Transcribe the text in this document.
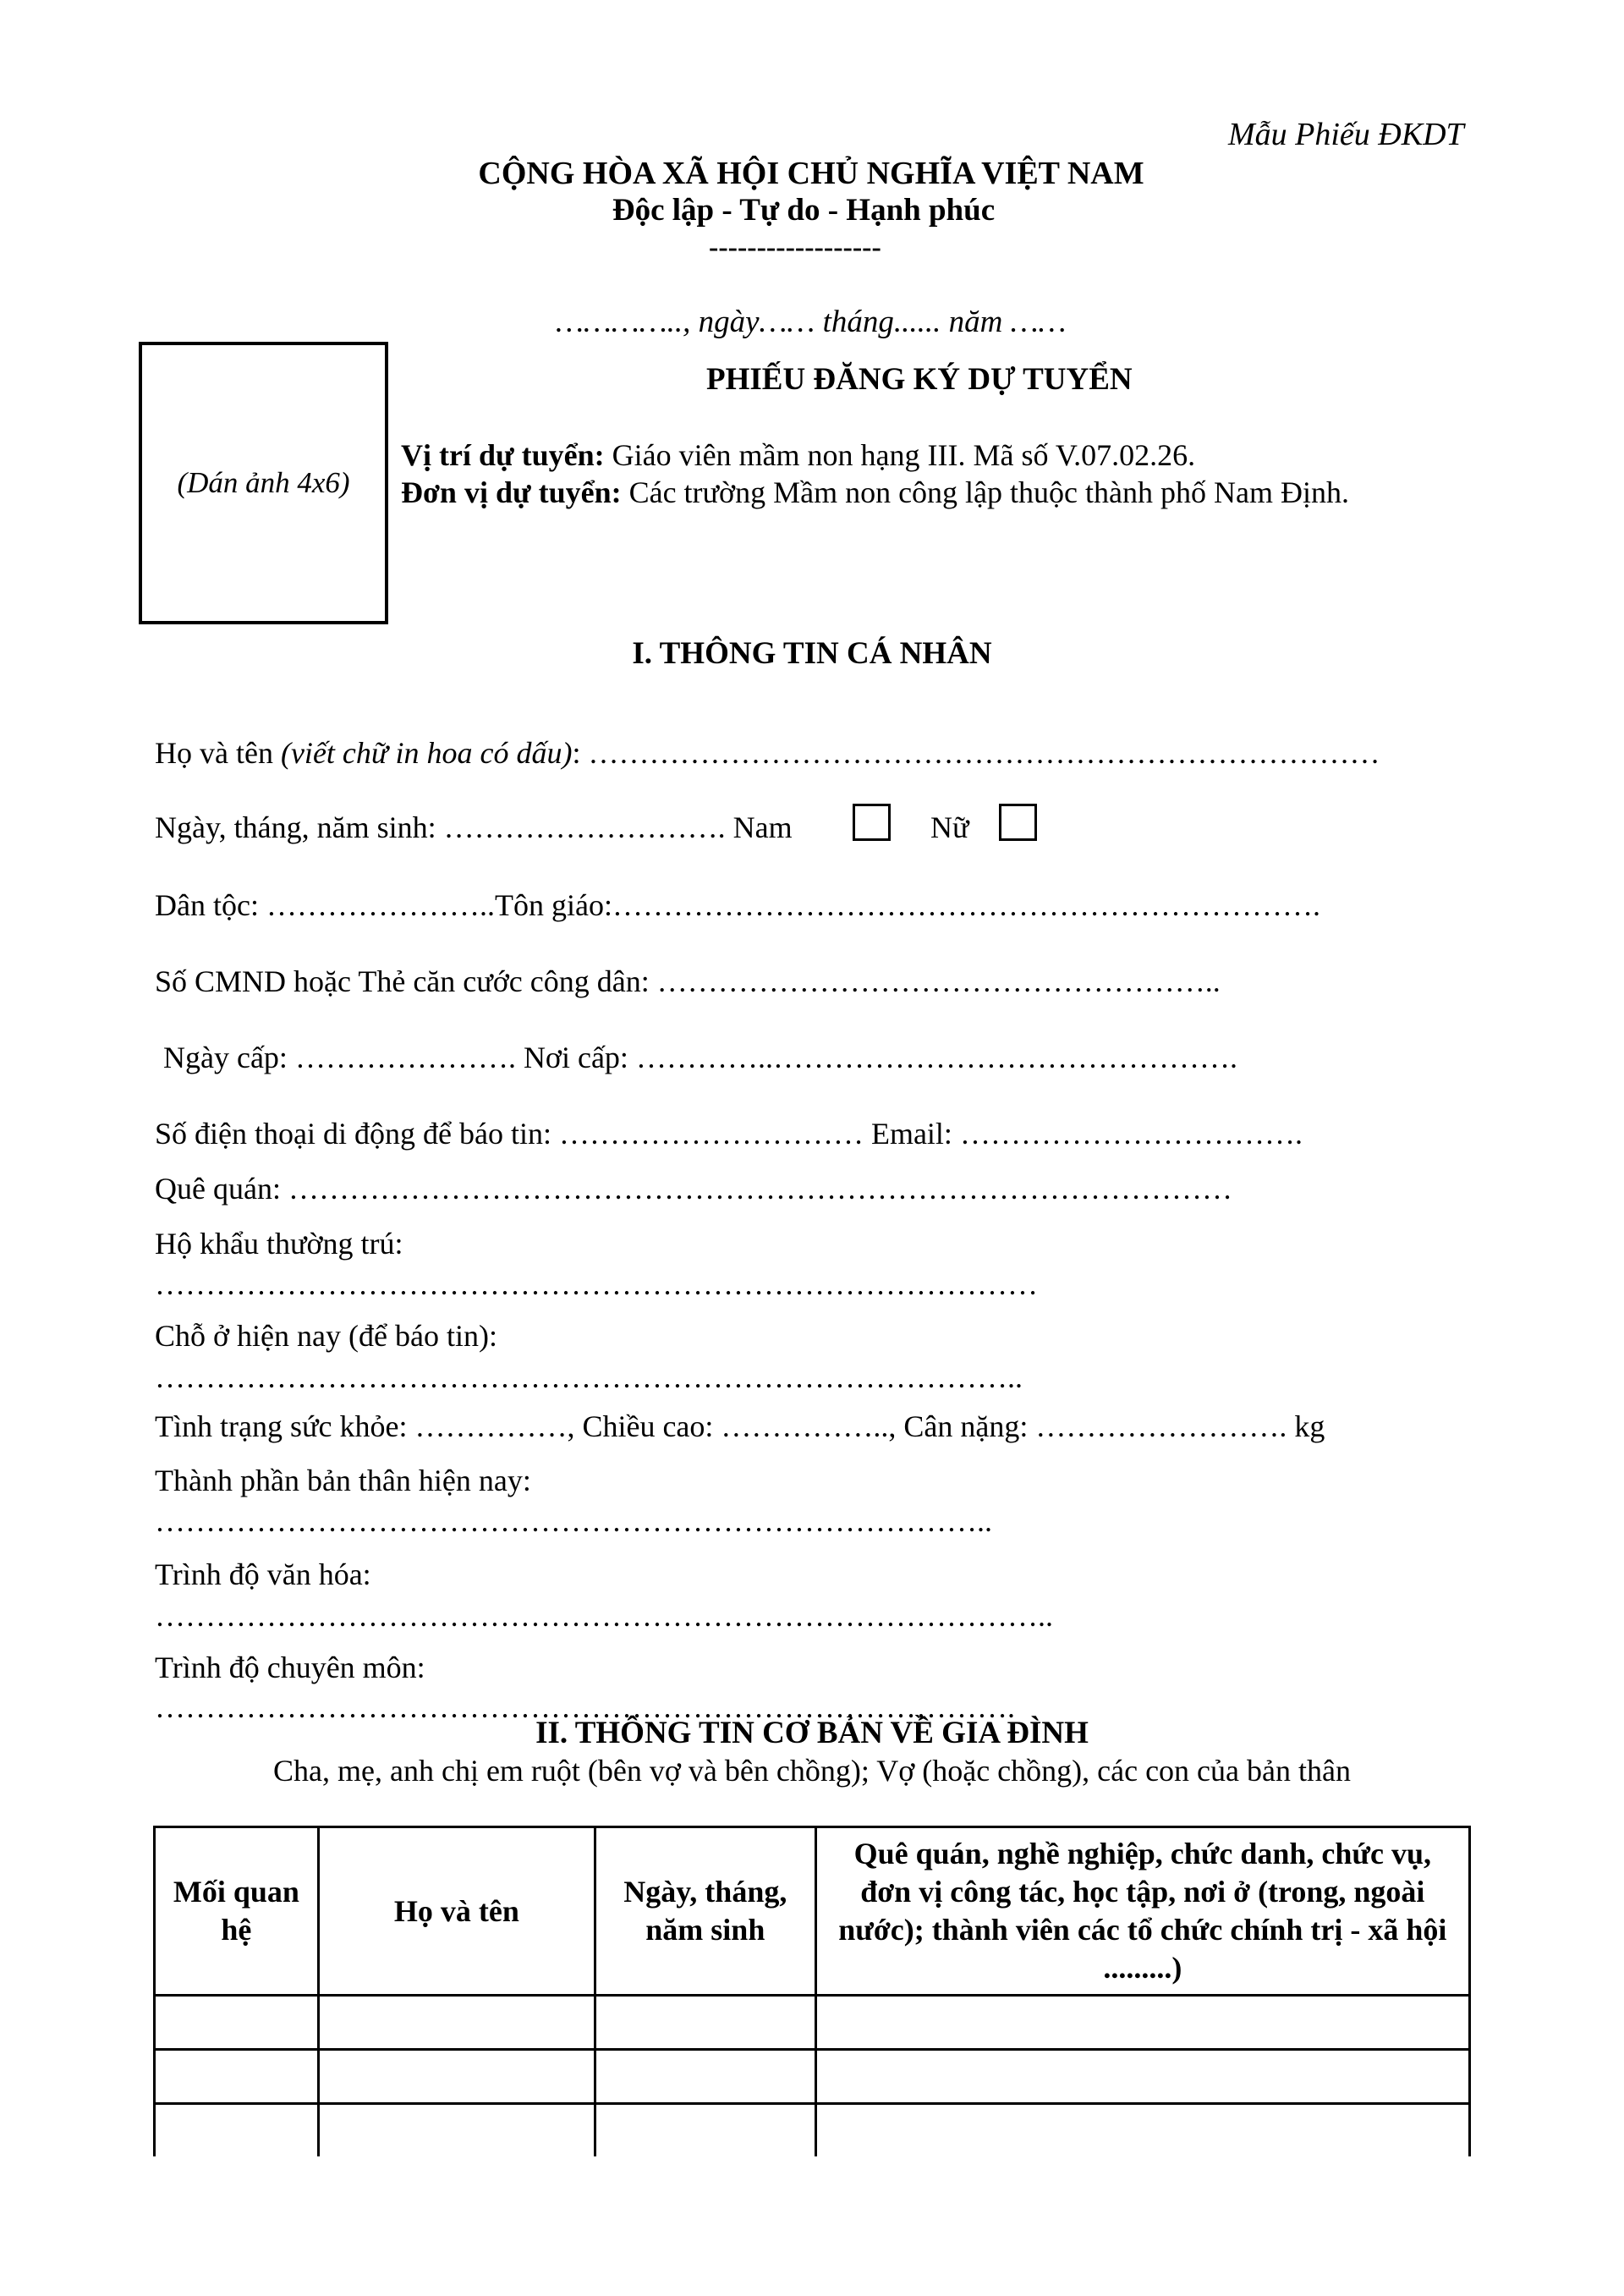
Mẫu Phiếu ĐKDT
CỘNG HÒA XÃ HỘI CHỦ NGHĨA VIỆT NAM
Độc lập - Tự do - Hạnh phúc
------------------
………….., ngày…… tháng...... năm ……
(Dán ảnh 4x6)
PHIẾU ĐĂNG KÝ DỰ TUYỂN
Vị trí dự tuyển: Giáo viên mầm non hạng III. Mã số V.07.02.26.
Đơn vị dự tuyển: Các trường Mầm non công lập thuộc thành phố Nam Định.
I. THÔNG TIN CÁ NHÂN
Họ và tên (viết chữ in hoa có dấu): ……………………………………………………………………
Ngày, tháng, năm sinh: ………………………. Nam	Nữ
Dân tộc: …………………..Tôn giáo:…………………………………………………………….
Số CMND hoặc Thẻ căn cước công dân: ………………………………………………..
Ngày cấp: …………………. Nơi cấp: …………..……………………………………….
Số điện thoại di động để báo tin: ………………………… Email: …………………………….
Quê quán: …………………………………………………………………………………
Hộ khẩu thường trú:
……………………………………………………………………………
Chỗ ở hiện nay (để báo tin):
…………………………………………………………………………..
Tình trạng sức khỏe: ……………, Chiều cao: …………….., Cân nặng: ……………………. kg
Thành phần bản thân hiện nay:
………………………………………………………………………..
Trình độ văn hóa:
……………………………………………………………………………..
Trình độ chuyên môn:
………………………………………………………………………….
II. THÔNG TIN CƠ BẢN VỀ GIA ĐÌNH
Cha, mẹ, anh chị em ruột (bên vợ và bên chồng); Vợ (hoặc chồng), các con của bản thân
Mối quan hệ	Họ và tên	Ngày, tháng, năm sinh	Quê quán, nghề nghiệp, chức danh, chức vụ, đơn vị công tác, học tập, nơi ở (trong, ngoài nước); thành viên các tổ chức chính trị - xã hội .........)
